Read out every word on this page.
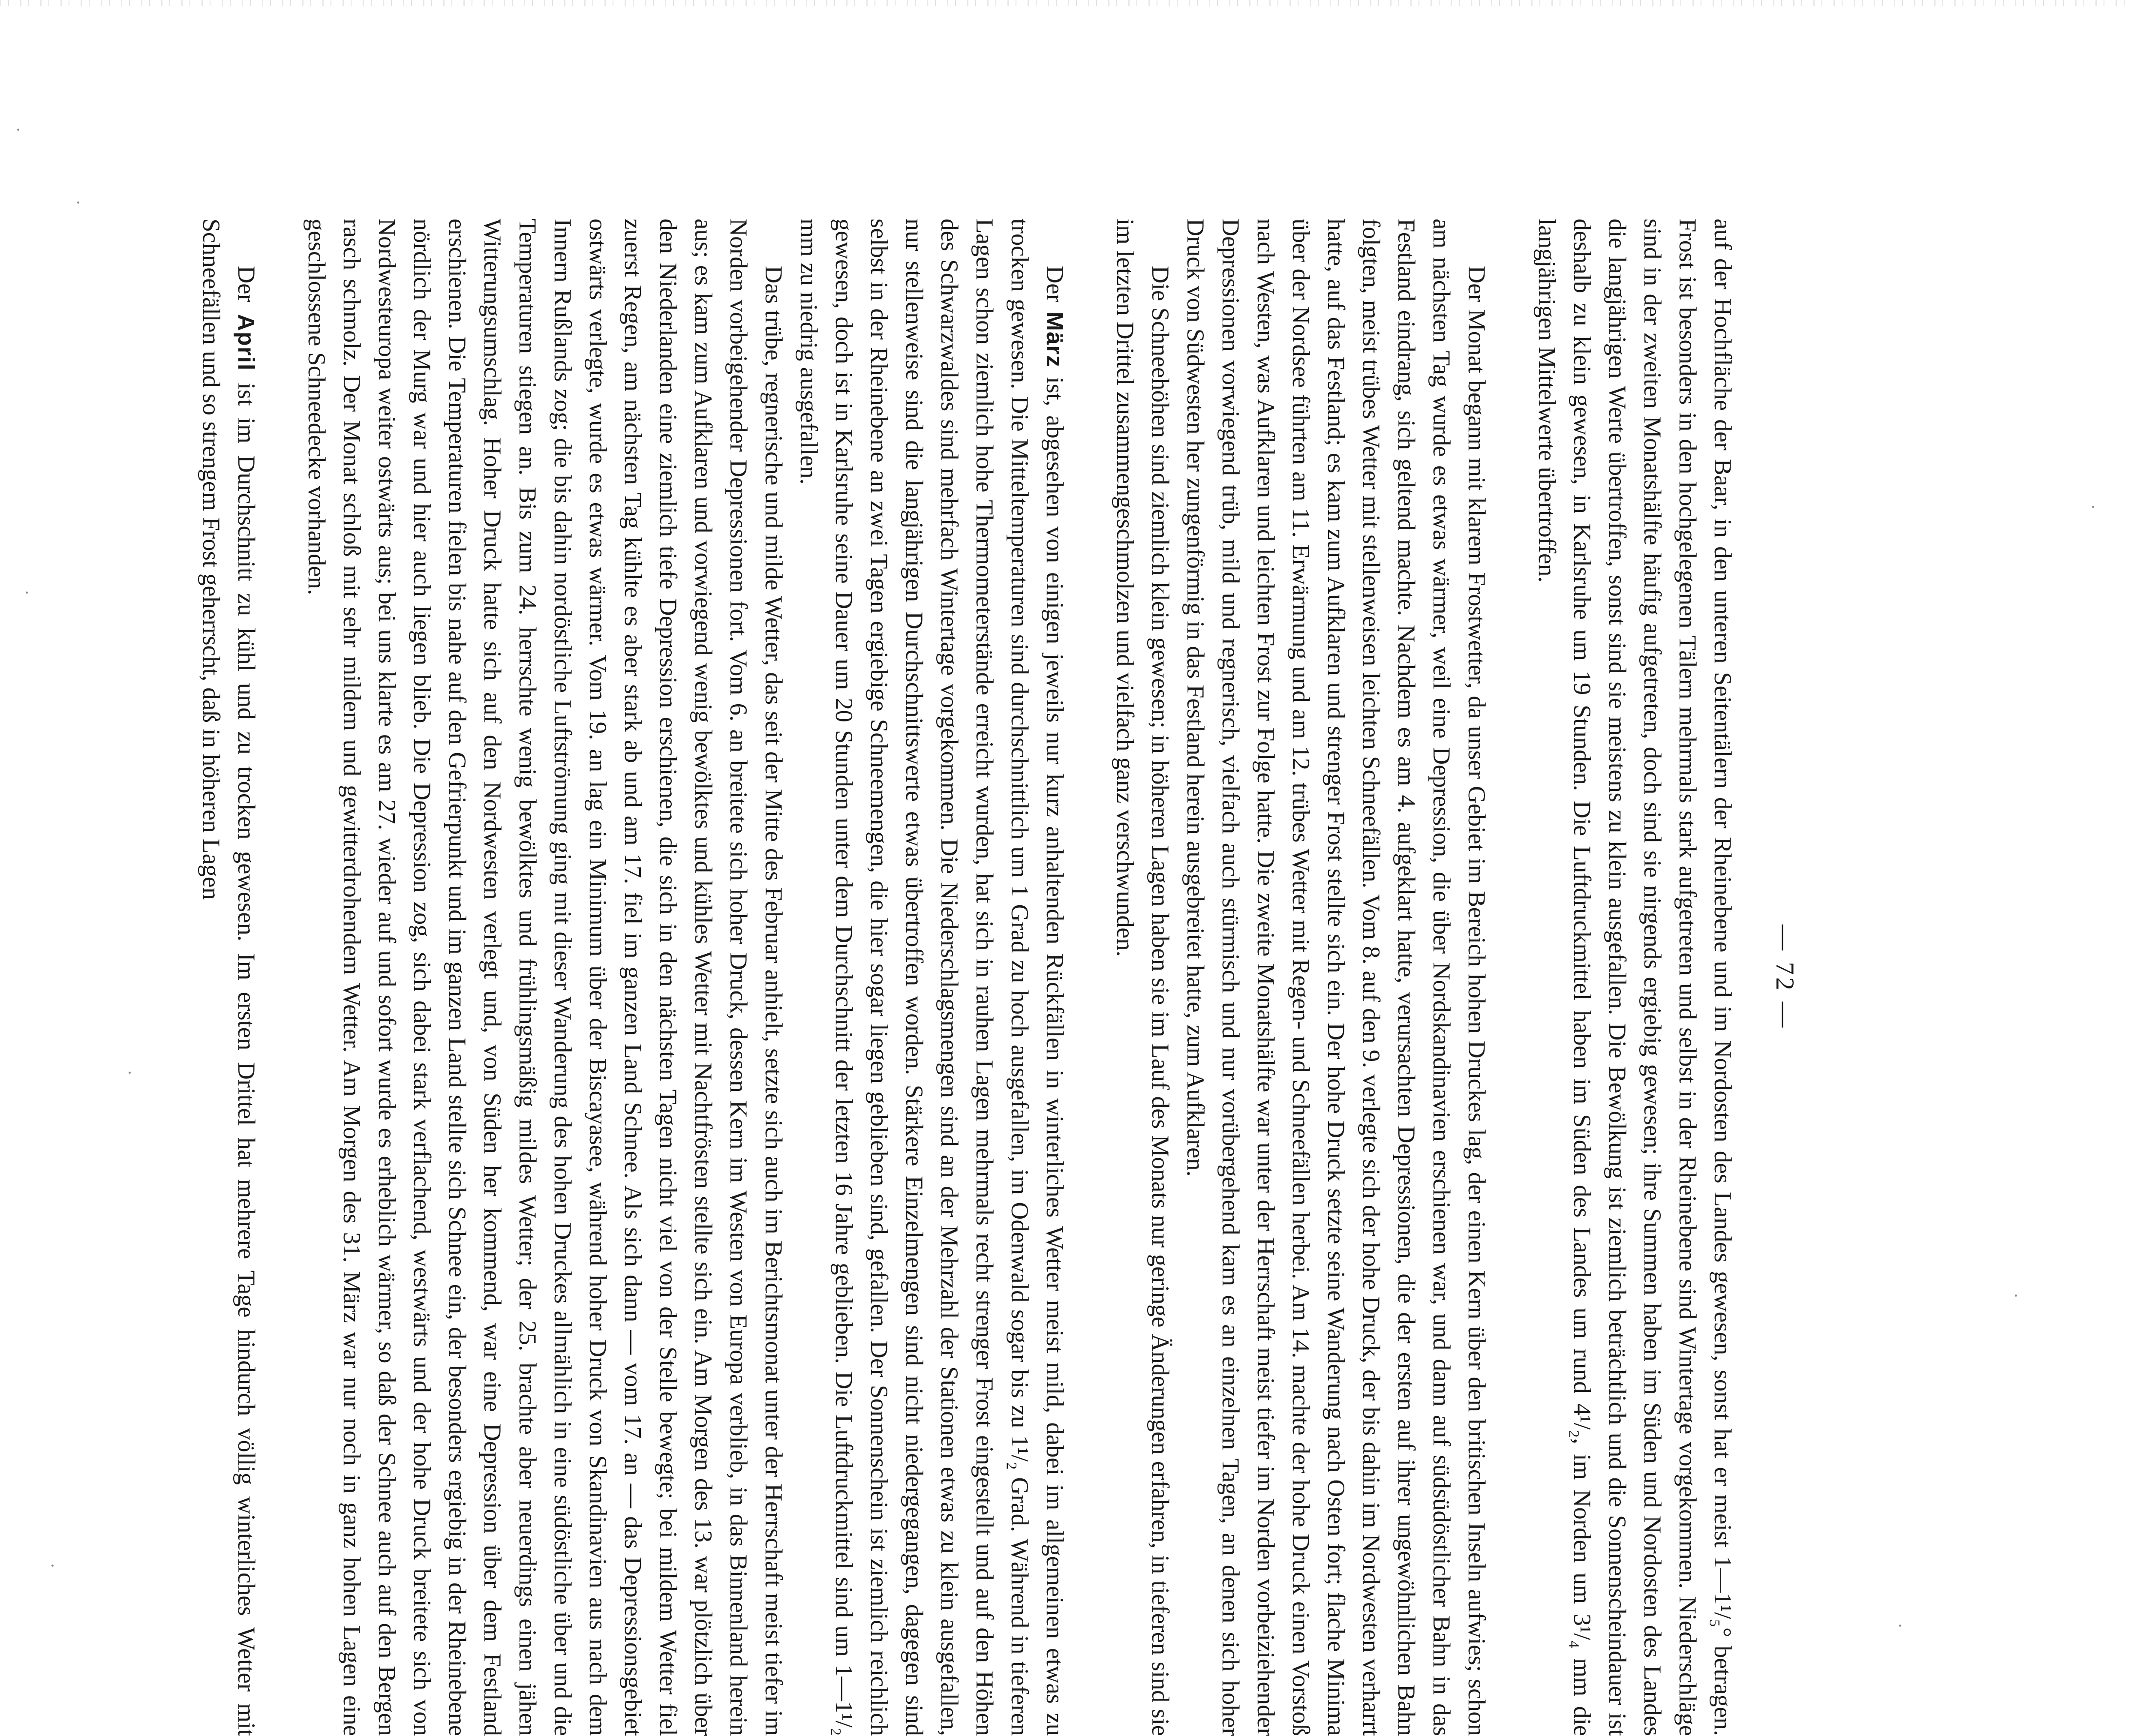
— 72 —

auf der Hochfläche der Baar, in den unteren Seitentälern der Rheinebene und im Nordosten des Landes gewesen, sonst hat er meist 1—1¹/₅° betragen. Frost ist besonders in den hochgelegenen Tälern mehrmals stark aufgetreten und selbst in der Rheinebene sind Wintertage vorgekommen. Niederschläge sind in der zweiten Monatshälfte häufig aufgetreten, doch sind sie nirgends ergiebig gewesen; ihre Summen haben im Süden und Nordosten des Landes die langjährigen Werte übertroffen, sonst sind sie meistens zu klein ausgefallen. Die Bewölkung ist ziemlich beträchtlich und die Sonnenscheindauer ist deshalb zu klein gewesen, in Karlsruhe um 19 Stunden. Die Luftdruckmittel haben im Süden des Landes um rund 4¹/₂, im Norden um 3¹/₄ mm die langjährigen Mittelwerte übertroffen.

Der Monat begann mit klarem Frostwetter, da unser Gebiet im Bereich hohen Druckes lag, der einen Kern über den britischen Inseln aufwies; schon am nächsten Tag wurde es etwas wärmer, weil eine Depression, die über Nordskandinavien erschienen war, und dann auf südsüdöstlicher Bahn in das Festland eindrang, sich geltend machte. Nachdem es am 4. aufgeklart hatte, verursachten Depressionen, die der ersten auf ihrer ungewöhnlichen Bahn folgten, meist trübes Wetter mit stellenweisen leichten Schneefällen. Vom 8. auf den 9. verlegte sich der hohe Druck, der bis dahin im Nordwesten verharrt hatte, auf das Festland; es kam zum Aufklaren und strenger Frost stellte sich ein. Der hohe Druck setzte seine Wanderung nach Osten fort; flache Minima über der Nordsee führten am 11. Erwärmung und am 12. trübes Wetter mit Regen- und Schneefällen herbei. Am 14. machte der hohe Druck einen Vorstoß nach Westen, was Aufklaren und leichten Frost zur Folge hatte. Die zweite Monatshälfte war unter der Herrschaft meist tiefer im Norden vorbeiziehender Depressionen vorwiegend trüb, mild und regnerisch, vielfach auch stürmisch und nur vorübergehend kam es an einzelnen Tagen, an denen sich hoher Druck von Südwesten her zungenförmig in das Festland herein ausgebreitet hatte, zum Aufklaren.

Die Schneehöhen sind ziemlich klein gewesen; in höheren Lagen haben sie im Lauf des Monats nur geringe Änderungen erfahren, in tieferen sind sie im letzten Drittel zusammengeschmolzen und vielfach ganz verschwunden.

Der März ist, abgesehen von einigen jeweils nur kurz anhaltenden Rückfällen in winterliches Wetter meist mild, dabei im allgemeinen etwas zu trocken gewesen. Die Mitteltemperaturen sind durchschnittlich um 1 Grad zu hoch ausgefallen, im Odenwald sogar bis zu 1¹/₂ Grad. Während in tieferen Lagen schon ziemlich hohe Thermometerstände erreicht wurden, hat sich in rauhen Lagen mehrmals recht strenger Frost eingestellt und auf den Höhen des Schwarzwaldes sind mehrfach Wintertage vorgekommen. Die Niederschlagsmengen sind an der Mehrzahl der Stationen etwas zu klein ausgefallen, nur stellenweise sind die langjährigen Durchschnittswerte etwas übertroffen worden. Stärkere Einzelmengen sind nicht niedergegangen, dagegen sind selbst in der Rheinebene an zwei Tagen ergiebige Schneemengen, die hier sogar liegen geblieben sind, gefallen. Der Sonnenschein ist ziemlich reichlich gewesen, doch ist in Karlsruhe seine Dauer um 20 Stunden unter dem Durchschnitt der letzten 16 Jahre geblieben. Die Luftdruckmittel sind um 1—1¹/₂ mm zu niedrig ausgefallen.

Das trübe, regnerische und milde Wetter, das seit der Mitte des Februar anhielt, setzte sich auch im Berichtsmonat unter der Herrschaft meist tiefer im Norden vorbeigehender Depressionen fort. Vom 6. an breitete sich hoher Druck, dessen Kern im Westen von Europa verblieb, in das Binnenland herein aus; es kam zum Aufklaren und vorwiegend wenig bewölktes und kühles Wetter mit Nachtfrösten stellte sich ein. Am Morgen des 13. war plötzlich über den Niederlanden eine ziemlich tiefe Depression erschienen, die sich in den nächsten Tagen nicht viel von der Stelle bewegte; bei mildem Wetter fiel zuerst Regen, am nächsten Tag kühlte es aber stark ab und am 17. fiel im ganzen Land Schnee. Als sich dann — vom 17. an — das Depressionsgebiet ostwärts verlegte, wurde es etwas wärmer. Vom 19. an lag ein Minimum über der Biscayasee, während hoher Druck von Skandinavien aus nach dem Innern Rußlands zog; die bis dahin nordöstliche Luftströmung ging mit dieser Wanderung des hohen Druckes allmählich in eine südöstliche über und die Temperaturen stiegen an. Bis zum 24. herrschte wenig bewölktes und frühlingsmäßig mildes Wetter; der 25. brachte aber neuerdings einen jähen Witterungsumschlag. Hoher Druck hatte sich auf den Nordwesten verlegt und, von Süden her kommend, war eine Depression über dem Festland erschienen. Die Temperaturen fielen bis nahe auf den Gefrierpunkt und im ganzen Land stellte sich Schnee ein, der besonders ergiebig in der Rheinebene nördlich der Murg war und hier auch liegen blieb. Die Depression zog, sich dabei stark verflachend, westwärts und der hohe Druck breitete sich von Nordwesteuropa weiter ostwärts aus; bei uns klarte es am 27. wieder auf und sofort wurde es erheblich wärmer, so daß der Schnee auch auf den Bergen rasch schmolz. Der Monat schloß mit sehr mildem und gewitterdrohendem Wetter. Am Morgen des 31. März war nur noch in ganz hohen Lagen eine geschlossene Schneedecke vorhanden.

Der April ist im Durchschnitt zu kühl und zu trocken gewesen. Im ersten Drittel hat mehrere Tage hindurch völlig winterliches Wetter mit Schneefällen und so strengem Frost geherrscht, daß in höheren Lagen
